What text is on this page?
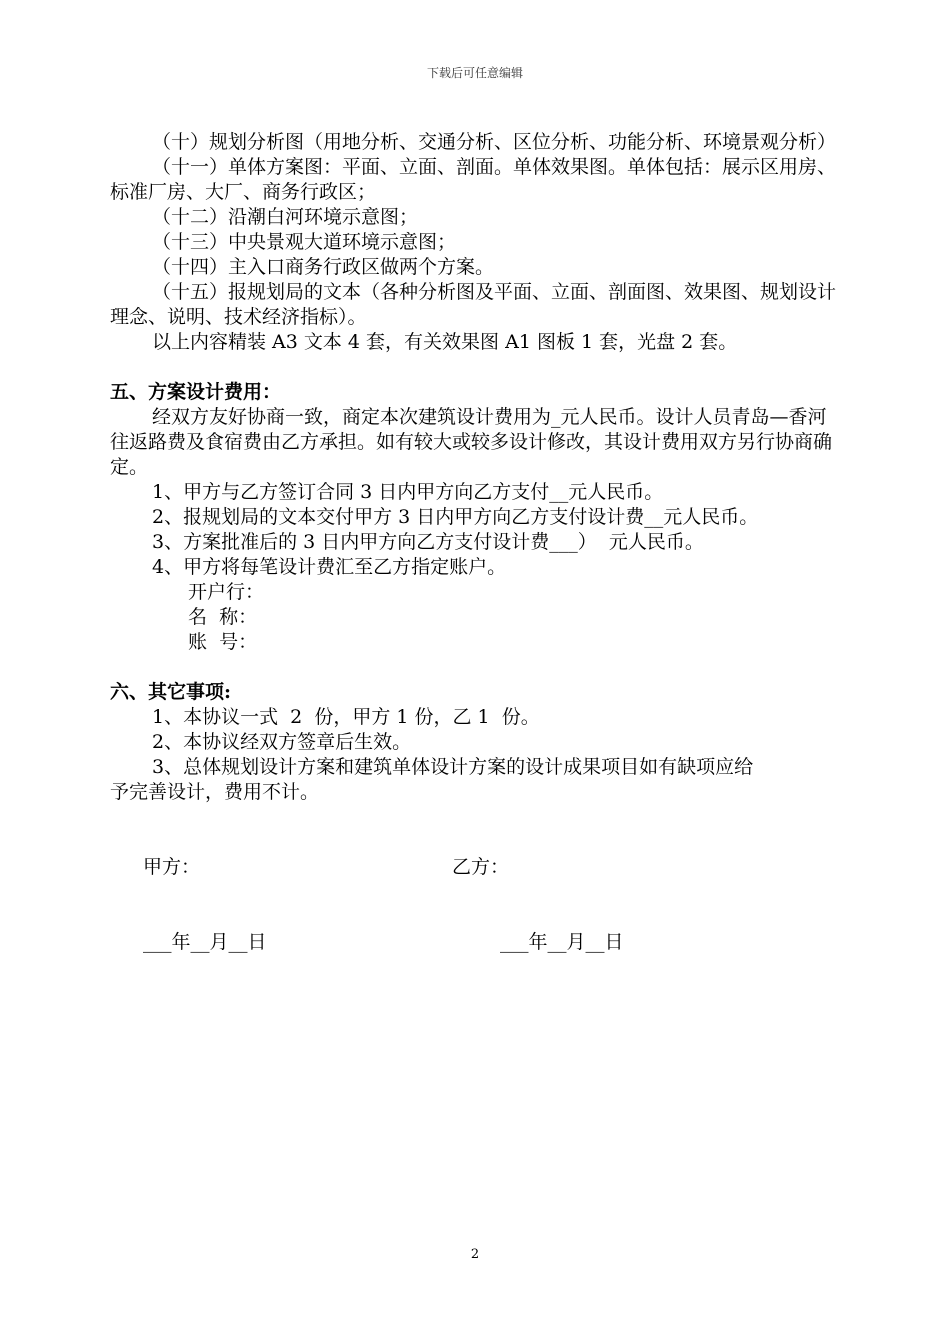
下载后可任意编辑

（十）规划分析图（用地分析、交通分析、区位分析、功能分析、环境景观分析）

（十一）单体方案图：平面、立面、剖面。单体效果图。单体包括：展示区用房、标准厂房、大厂、商务行政区；

（十二）沿潮白河环境示意图；

（十三）中央景观大道环境示意图；

（十四）主入口商务行政区做两个方案。

（十五）报规划局的文本（各种分析图及平面、立面、剖面图、效果图、规划设计理念、说明、技术经济指标）。

以上内容精装 A3 文本 4 套，有关效果图 A1 图板 1 套，光盘 2 套。

五、方案设计费用：

经双方友好协商一致，商定本次建筑设计费用为_元人民币。设计人员青岛—香河往返路费及食宿费由乙方承担。如有较大或较多设计修改，其设计费用双方另行协商确定。

1、甲方与乙方签订合同 3 日内甲方向乙方支付__元人民币。

2、报规划局的文本交付甲方 3 日内甲方向乙方支付设计费__元人民币。

3、方案批准后的 3 日内甲方向乙方支付设计费___）  元人民币。

4、甲方将每笔设计费汇至乙方指定账户。

开户行：

名  称：

账  号：

六、其它事项:

1、本协议一式  2  份，甲方 1 份，乙 1  份。

2、本协议经双方签章后生效。

3、总体规划设计方案和建筑单体设计方案的设计成果项目如有缺项应给

予完善设计，费用不计。

甲方：	乙方：
___年__月__日	___年__月__日
2
